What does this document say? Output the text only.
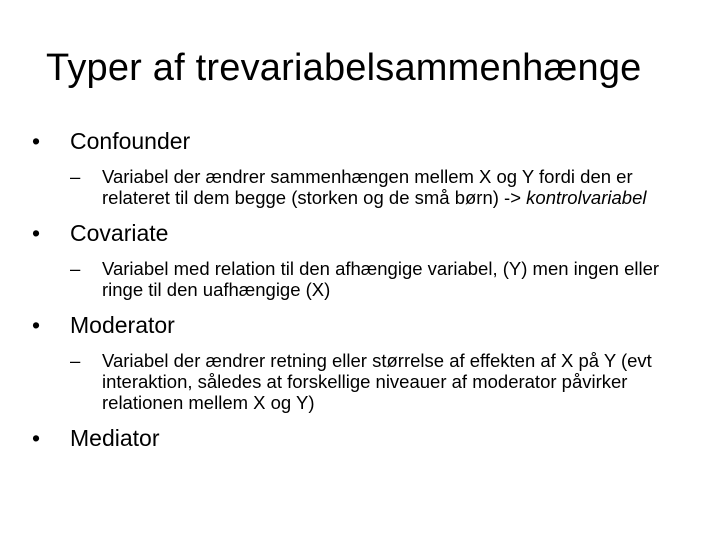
Typer af trevariabelsammenhænge
•	Confounder
– Variabel der ændrer sammenhængen mellem X og Y fordi den er relateret til dem begge (storken og de små børn) -> kontrolvariabel
•	Covariate
– Variabel med relation til den afhængige variabel, (Y) men ingen eller ringe til den uafhængige (X)
•	Moderator
– Variabel der ændrer retning eller størrelse af effekten af X på Y (evt interaktion, således at forskellige niveauer af moderator påvirker relationen mellem X og Y)
•	Mediator
